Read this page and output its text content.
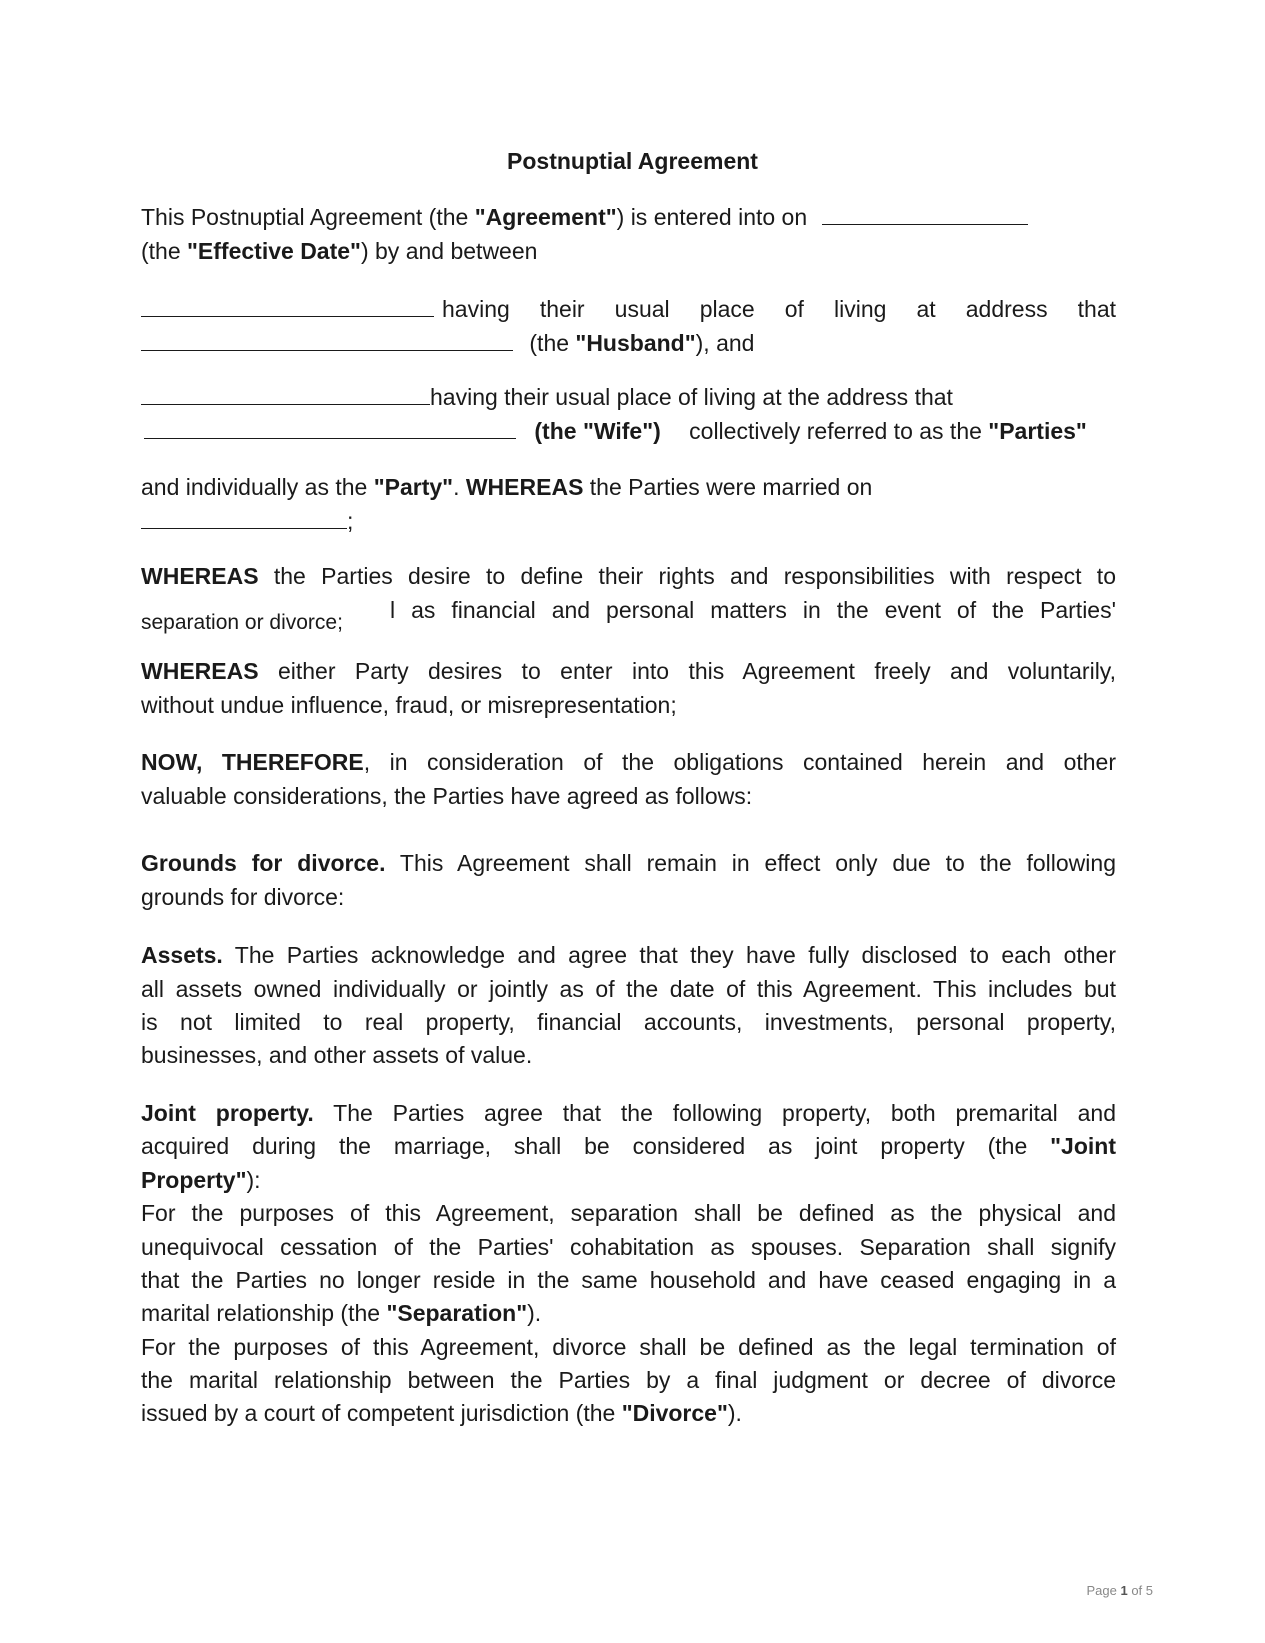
Postnuptial Agreement
This Postnuptial Agreement (the "Agreement") is entered into on
(the "Effective Date") by and between
having their usual place of living at address that
(the "Husband"), and
having their usual place of living at the address that
(the "Wife") collectively referred to as the "Parties"
and individually as the "Party". WHEREAS the Parties were married on
;
WHEREAS the Parties desire to define their rights and responsibilities with respect to
l as financial and personal matters in the event of the Parties'
separation or divorce;
WHEREAS either Party desires to enter into this Agreement freely and voluntarily,
without undue influence, fraud, or misrepresentation;
NOW, THEREFORE, in consideration of the obligations contained herein and other
valuable considerations, the Parties have agreed as follows:
Grounds for divorce. This Agreement shall remain in effect only due to the following
grounds for divorce:
Assets. The Parties acknowledge and agree that they have fully disclosed to each other
all assets owned individually or jointly as of the date of this Agreement. This includes but
is not limited to real property, financial accounts, investments, personal property,
businesses, and other assets of value.
Joint property. The Parties agree that the following property, both premarital and
acquired during the marriage, shall be considered as joint property (the "Joint
Property"):
For the purposes of this Agreement, separation shall be defined as the physical and
unequivocal cessation of the Parties' cohabitation as spouses. Separation shall signify
that the Parties no longer reside in the same household and have ceased engaging in a
marital relationship (the "Separation").
For the purposes of this Agreement, divorce shall be defined as the legal termination of
the marital relationship between the Parties by a final judgment or decree of divorce
issued by a court of competent jurisdiction (the "Divorce").
Page 1 of 5
